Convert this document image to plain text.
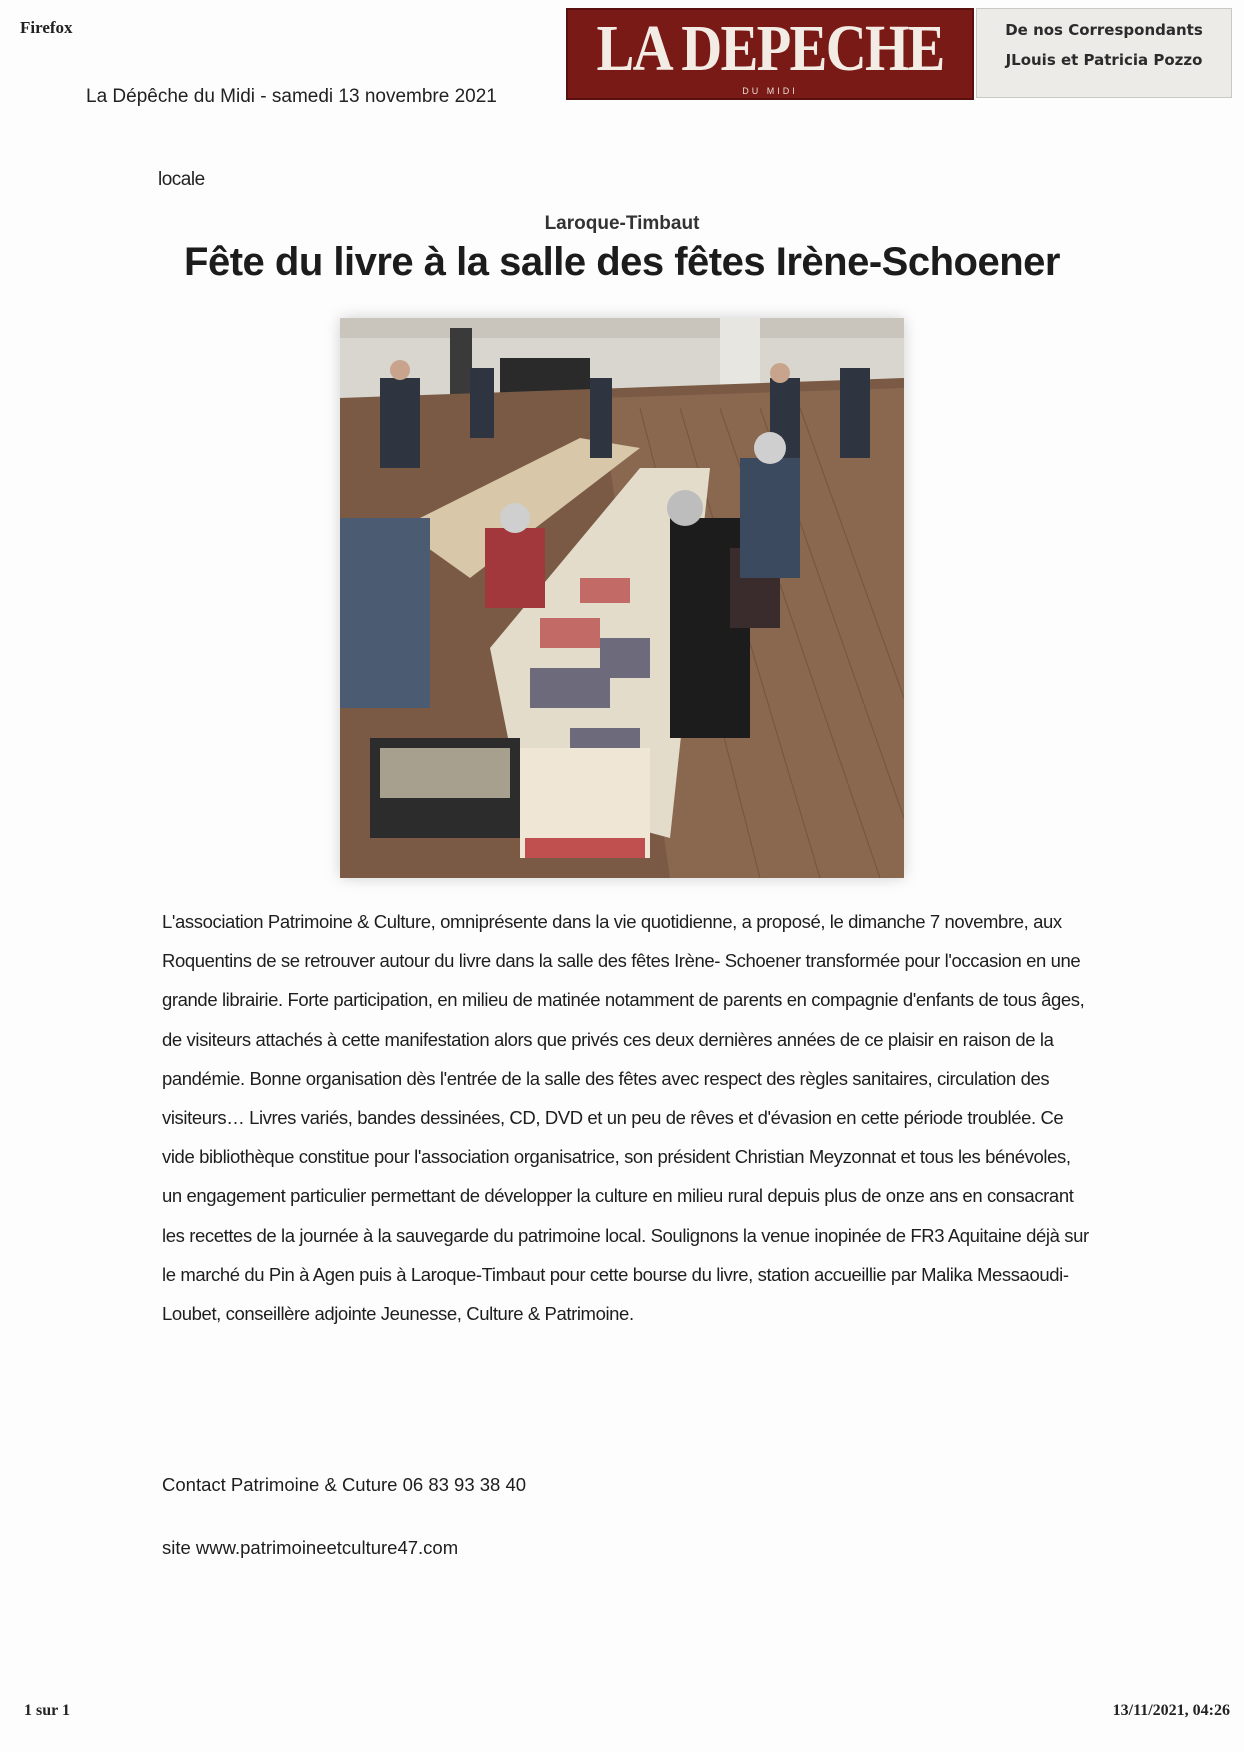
Firefox	LA DEPECHE
DU MIDI
De nos Correspondants
JLouis et Patricia Pozzo
La Dépêche du Midi - samedi 13 novembre 2021
locale
Laroque-Timbaut
Fête du livre à la salle des fêtes Irène-Schoener

L'association Patrimoine & Culture, omniprésente dans la vie quotidienne, a proposé, le dimanche 7 novembre, aux Roquentins de se retrouver autour du livre dans la salle des fêtes Irène- Schoener transformée pour l'occasion en une grande librairie. Forte participation, en milieu de matinée notamment de parents en compagnie d'enfants de tous âges, de visiteurs attachés à cette manifestation alors que privés ces deux dernières années de ce plaisir en raison de la pandémie. Bonne organisation dès l'entrée de la salle des fêtes avec respect des règles sanitaires, circulation des visiteurs… Livres variés, bandes dessinées, CD, DVD et un peu de rêves et d'évasion en cette période troublée. Ce vide bibliothèque constitue pour l'association organisatrice, son président Christian Meyzonnat et tous les bénévoles, un engagement particulier permettant de développer la culture en milieu rural depuis plus de onze ans en consacrant les recettes de la journée à la sauvegarde du patrimoine local. Soulignons la venue inopinée de FR3 Aquitaine déjà sur le marché du Pin à Agen puis à Laroque-Timbaut pour cette bourse du livre, station accueillie par Malika Messaoudi-Loubet, conseillère adjointe Jeunesse, Culture & Patrimoine.

Contact Patrimoine & Cuture 06 83 93 38 40
site www.patrimoineetculture47.com
1 sur 1	13/11/2021, 04:26
